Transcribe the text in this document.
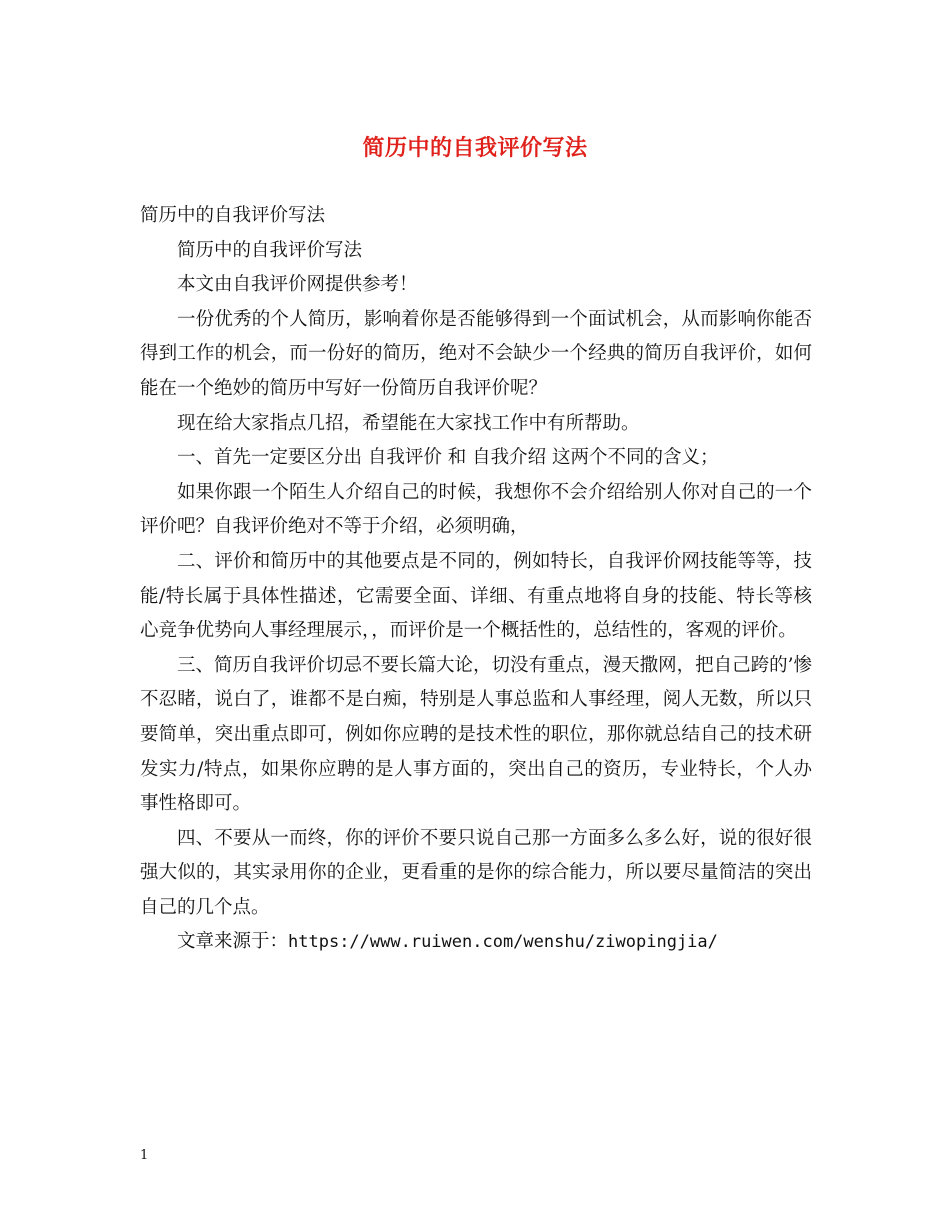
简历中的自我评价写法

简历中的自我评价写法

简历中的自我评价写法

本文由自我评价网提供参考！

一份优秀的个人简历，影响着你是否能够得到一个面试机会，从而影响你能否得到工作的机会，而一份好的简历，绝对不会缺少一个经典的简历自我评价，如何能在一个绝妙的简历中写好一份简历自我评价呢？

现在给大家指点几招，希望能在大家找工作中有所帮助。

一、首先一定要区分出 自我评价 和 自我介绍 这两个不同的含义；

如果你跟一个陌生人介绍自己的时候，我想你不会介绍给别人你对自己的一个评价吧？自我评价绝对不等于介绍，必须明确，

二、评价和简历中的其他要点是不同的，例如特长，自我评价网技能等等，技能/特长属于具体性描述，它需要全面、详细、有重点地将自身的技能、特长等核心竞争优势向人事经理展示，，而评价是一个概括性的，总结性的，客观的评价。

三、简历自我评价切忌不要长篇大论，切没有重点，漫天撒网，把自己跨的’惨不忍睹，说白了，谁都不是白痴，特别是人事总监和人事经理，阅人无数，所以只要简单，突出重点即可，例如你应聘的是技术性的职位，那你就总结自己的技术研发实力/特点，如果你应聘的是人事方面的，突出自己的资历，专业特长，个人办事性格即可。

四、不要从一而终，你的评价不要只说自己那一方面多么多么好，说的很好很强大似的，其实录用你的企业，更看重的是你的综合能力，所以要尽量简洁的突出自己的几个点。

文章来源于：https://www.ruiwen.com/wenshu/ziwopingjia/

1
